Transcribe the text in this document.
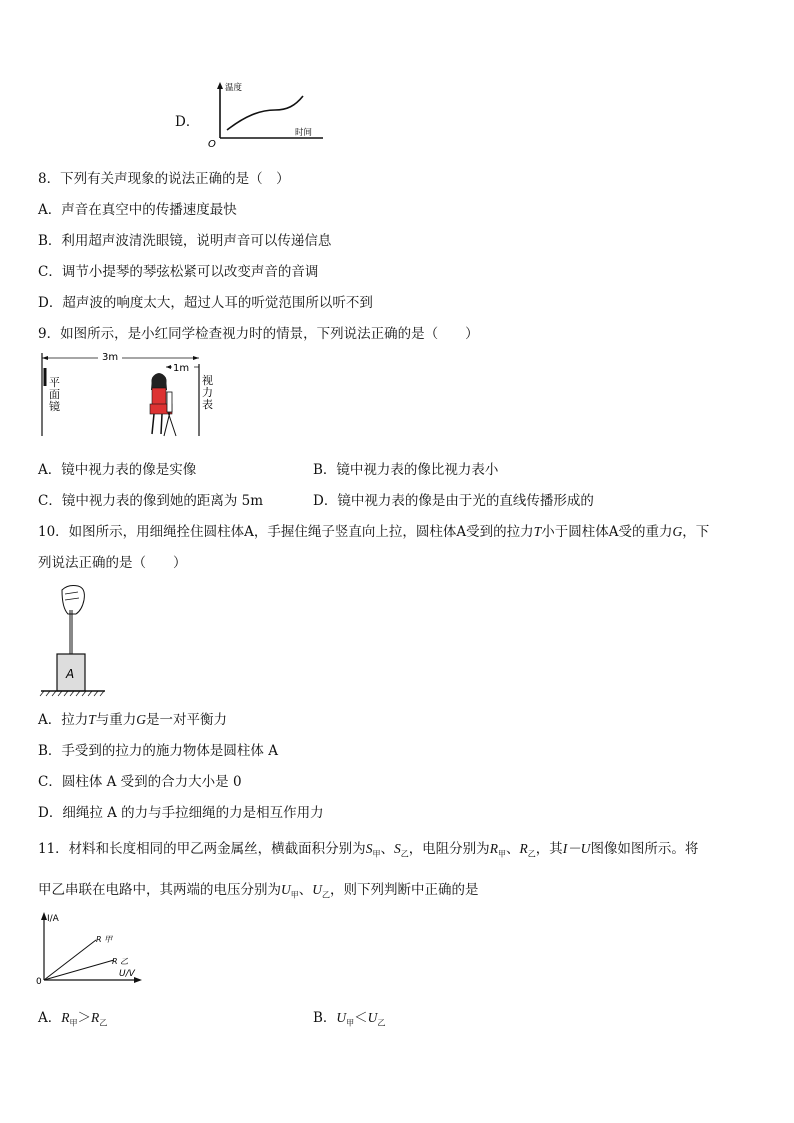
D．
温度
时间
O
8．下列有关声现象的说法正确的是（　）
A．声音在真空中的传播速度最快
B．利用超声波清洗眼镜，说明声音可以传递信息
C．调节小提琴的琴弦松紧可以改变声音的音调
D．超声波的响度太大，超过人耳的听觉范围所以听不到
9．如图所示，是小红同学检查视力时的情景，下列说法正确的是（　　）
平
面
镜
3m
1m
视
力
表
A．镜中视力表的像是实像	B．镜中视力表的像比视力表小
C．镜中视力表的像到她的距离为 5m	D．镜中视力表的像是由于光的直线传播形成的
10．如图所示，用细绳拴住圆柱体A，手握住绳子竖直向上拉，圆柱体A受到的拉力T小于圆柱体A受的重力G，下
列说法正确的是（　　）
A
A．拉力T与重力G是一对平衡力
B．手受到的拉力的施力物体是圆柱体 A
C．圆柱体 A 受到的合力大小是 0
D．细绳拉 A 的力与手拉细绳的力是相互作用力
11．材料和长度相同的甲乙两金属丝，横截面积分别为$S_甲$、$S_乙$，电阻分别为$R_甲$、$R_乙$，其I－U图像如图所示。将
甲乙串联在电路中，其两端的电压分别为$U_甲$、$U_乙$，则下列判断中正确的是
I/A
U/V
0
R 甲
R 乙
A．$R_甲>R_乙$	B．$U_甲<U_乙$
